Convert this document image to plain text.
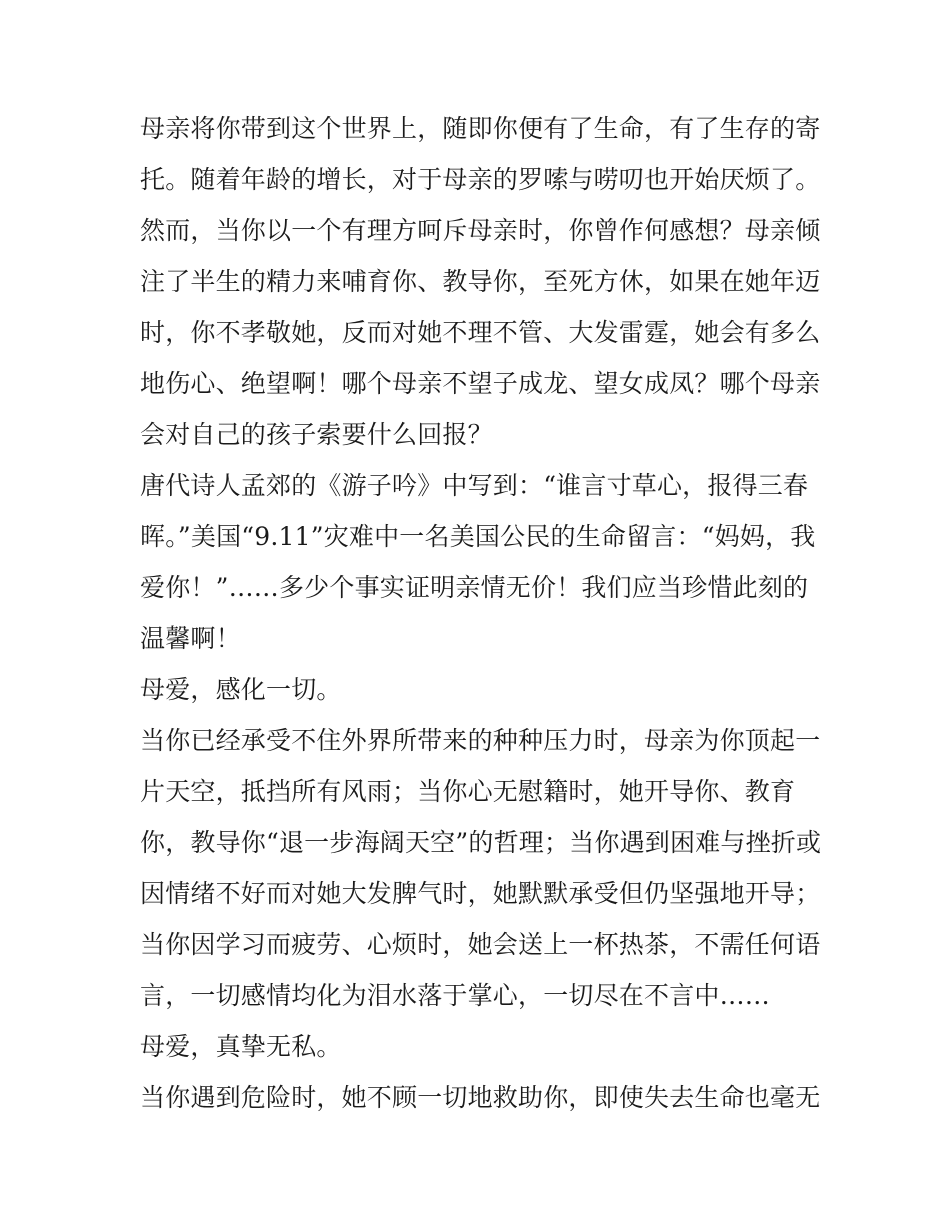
母亲将你带到这个世界上，随即你便有了生命，有了生存的寄
托。随着年龄的增长，对于母亲的罗嗦与唠叨也开始厌烦了。
然而，当你以一个有理方呵斥母亲时，你曾作何感想？母亲倾
注了半生的精力来哺育你、教导你，至死方休，如果在她年迈
时，你不孝敬她，反而对她不理不管、大发雷霆，她会有多么
地伤心、绝望啊！哪个母亲不望子成龙、望女成凤？哪个母亲
会对自己的孩子索要什么回报？
唐代诗人孟郊的《游子吟》中写到：“谁言寸草心，报得三春
晖。”美国“9.11”灾难中一名美国公民的生命留言：“妈妈，我
爱你！”……多少个事实证明亲情无价！我们应当珍惜此刻的
温馨啊！
母爱，感化一切。
当你已经承受不住外界所带来的种种压力时，母亲为你顶起一
片天空，抵挡所有风雨；当你心无慰籍时，她开导你、教育
你，教导你“退一步海阔天空”的哲理；当你遇到困难与挫折或
因情绪不好而对她大发脾气时，她默默承受但仍坚强地开导；
当你因学习而疲劳、心烦时，她会送上一杯热茶，不需任何语
言，一切感情均化为泪水落于掌心，一切尽在不言中……
母爱，真挚无私。
当你遇到危险时，她不顾一切地救助你，即使失去生命也毫无
